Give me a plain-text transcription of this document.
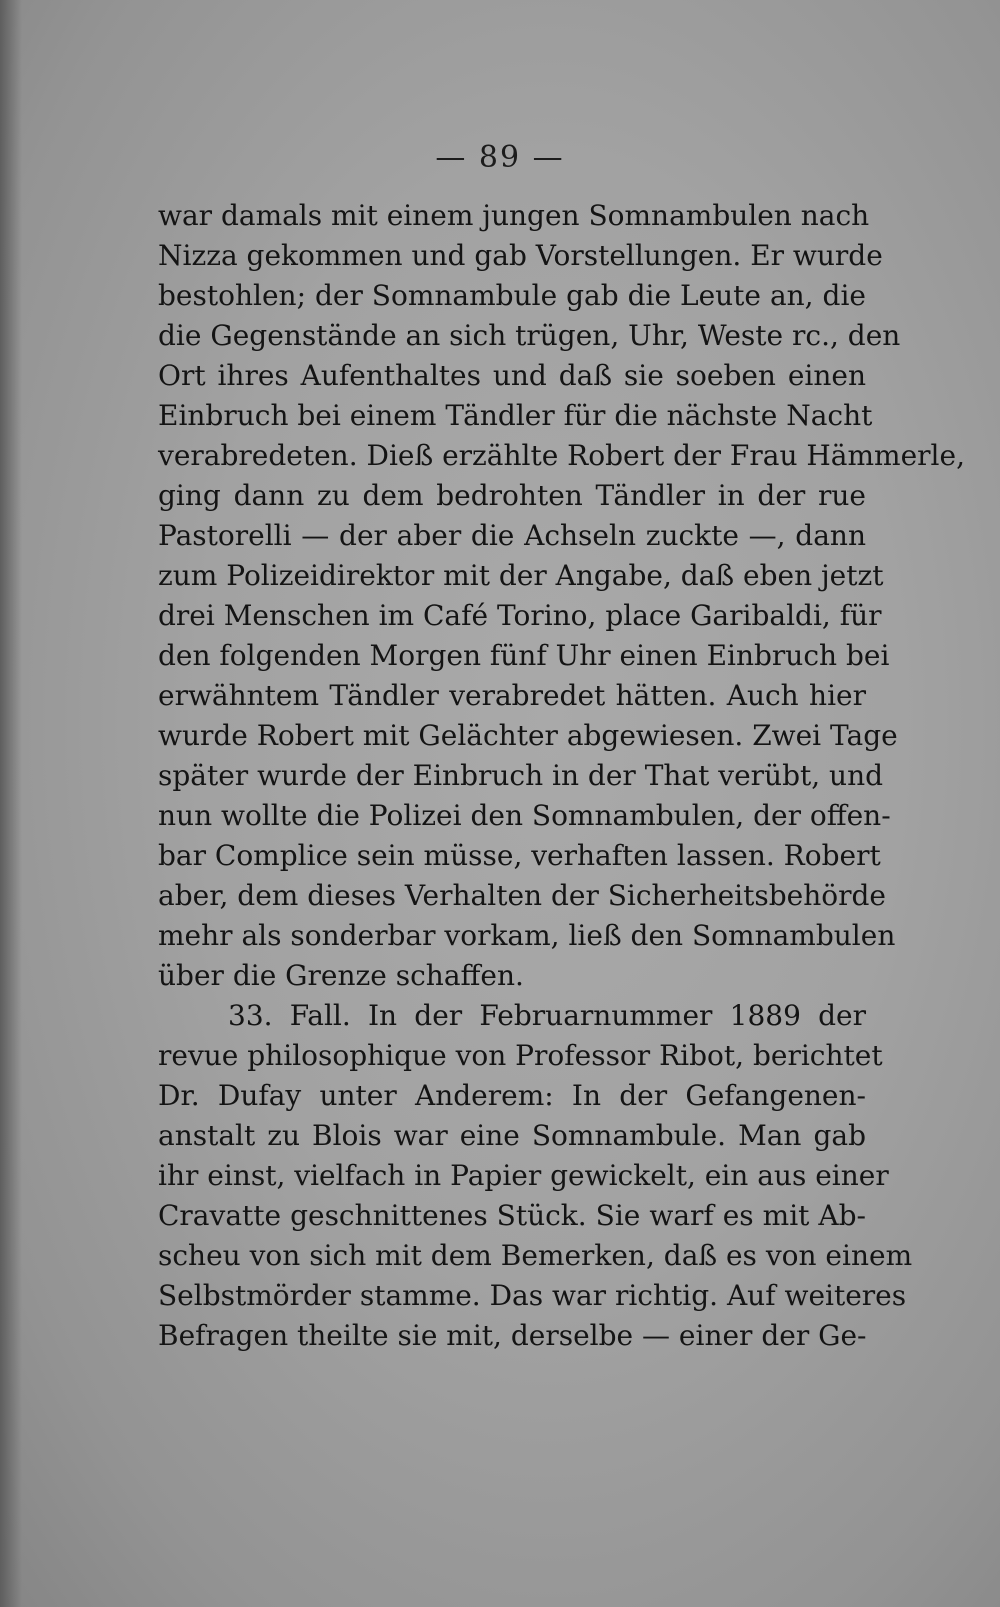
— 89 —
war damals mit einem jungen Somnambulen nach
Nizza gekommen und gab Vorstellungen. Er wurde
bestohlen; der Somnambule gab die Leute an, die
die Gegenstände an sich trügen, Uhr, Weste rc., den
Ort ihres Aufenthaltes und daß sie soeben einen
Einbruch bei einem Tändler für die nächste Nacht
verabredeten. Dieß erzählte Robert der Frau Hämmerle,
ging dann zu dem bedrohten Tändler in der rue
Pastorelli — der aber die Achseln zuckte —, dann
zum Polizeidirektor mit der Angabe, daß eben jetzt
drei Menschen im Café Torino, place Garibaldi, für
den folgenden Morgen fünf Uhr einen Einbruch bei
erwähntem Tändler verabredet hätten. Auch hier
wurde Robert mit Gelächter abgewiesen. Zwei Tage
später wurde der Einbruch in der That verübt, und
nun wollte die Polizei den Somnambulen, der offen-
bar Complice sein müsse, verhaften lassen. Robert
aber, dem dieses Verhalten der Sicherheitsbehörde
mehr als sonderbar vorkam, ließ den Somnambulen
über die Grenze schaffen.
33. Fall. In der Februarnummer 1889 der
revue philosophique von Professor Ribot, berichtet
Dr. Dufay unter Anderem: In der Gefangenen-
anstalt zu Blois war eine Somnambule. Man gab
ihr einst, vielfach in Papier gewickelt, ein aus einer
Cravatte geschnittenes Stück. Sie warf es mit Ab-
scheu von sich mit dem Bemerken, daß es von einem
Selbstmörder stamme. Das war richtig. Auf weiteres
Befragen theilte sie mit, derselbe — einer der Ge-
